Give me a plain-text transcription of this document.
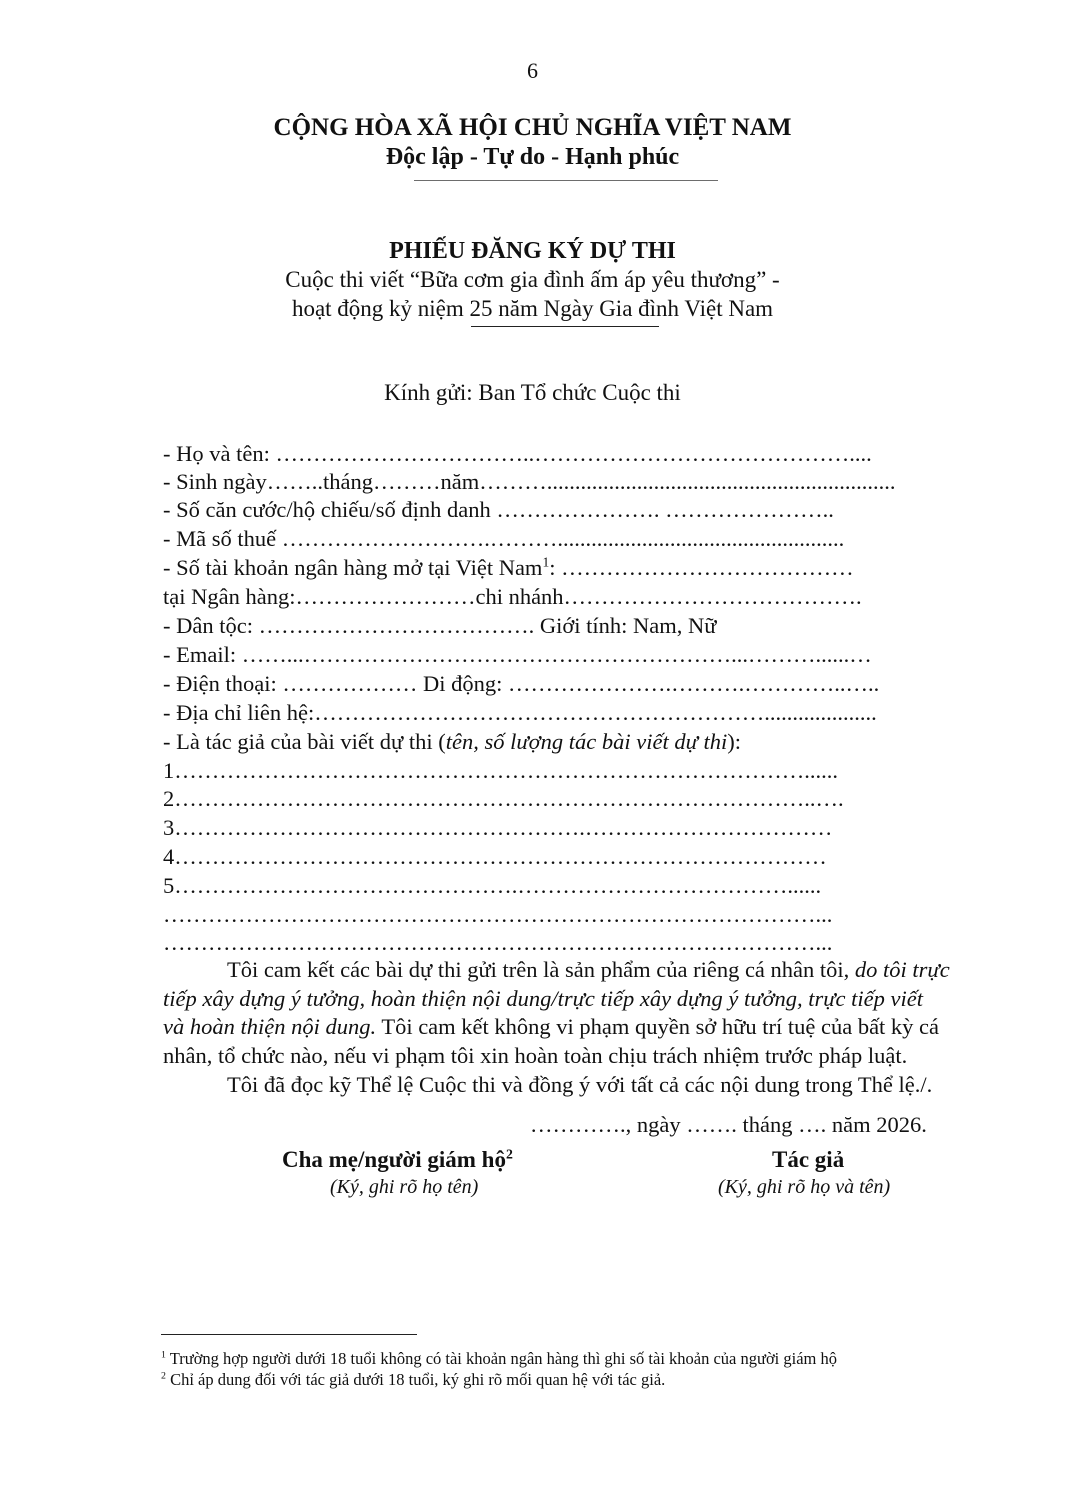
6
CỘNG HÒA XÃ HỘI CHỦ NGHĨA VIỆT NAM
Độc lập - Tự do - Hạnh phúc
PHIẾU ĐĂNG KÝ DỰ THI
Cuộc thi viết “Bữa cơm gia đình ấm áp yêu thương” -
hoạt động kỷ niệm 25 năm Ngày Gia đình Việt Nam
Kính gửi: Ban Tổ chức Cuộc thi
- Họ và tên: ……………………………..……………………………………....
- Sinh ngày……..tháng………năm………..............................................................
- Số căn cước/hộ chiếu/số định danh …………………. …………………..
- Mã số thuế ……………………….………...................................................
- Số tài khoản ngân hàng mở tại Việt Nam$^1$: …………………………………
tại Ngân hàng:……………………chi nhánh………………………………….
- Dân tộc: ………………………………. Giới tính: Nam, Nữ
- Email: ……...…………………………………………………...………......…
- Điện thoại: ……………… Di động: ………………….……….…………..…..
- Địa chỉ liên hệ:……………………………………………………....................
- Là tác giả của bài viết dự thi (tên, số lượng tác bài viết dự thi):
1…………………………………………………………………………......
2…………………………………………………………………………..….
3……………………………………………….……………………………
4……………………………………………………………………………
5……………………………………….………………………………......
……………………………………………………………………………...
……………………………………………………………………………...
Tôi cam kết các bài dự thi gửi trên là sản phẩm của riêng cá nhân tôi, do tôi trực
tiếp xây dựng ý tưởng, hoàn thiện nội dung/trực tiếp xây dựng ý tưởng, trực tiếp viết
và hoàn thiện nội dung. Tôi cam kết không vi phạm quyền sở hữu trí tuệ của bất kỳ cá
nhân, tổ chức nào, nếu vi phạm tôi xin hoàn toàn chịu trách nhiệm trước pháp luật.
Tôi đã đọc kỹ Thể lệ Cuộc thi và đồng ý với tất cả các nội dung trong Thể lệ./.
…………., ngày ……. tháng …. năm 2026.
Cha mẹ/người giám hộ$^2$
(Ký, ghi rõ họ tên)
Tác giả
(Ký, ghi rõ họ và tên)
$^1$ Trường hợp người dưới 18 tuổi không có tài khoản ngân hàng thì ghi số tài khoản của người giám hộ
$^2$ Chỉ áp dung đối với tác giả dưới 18 tuổi, ký ghi rõ mối quan hệ với tác giả.
